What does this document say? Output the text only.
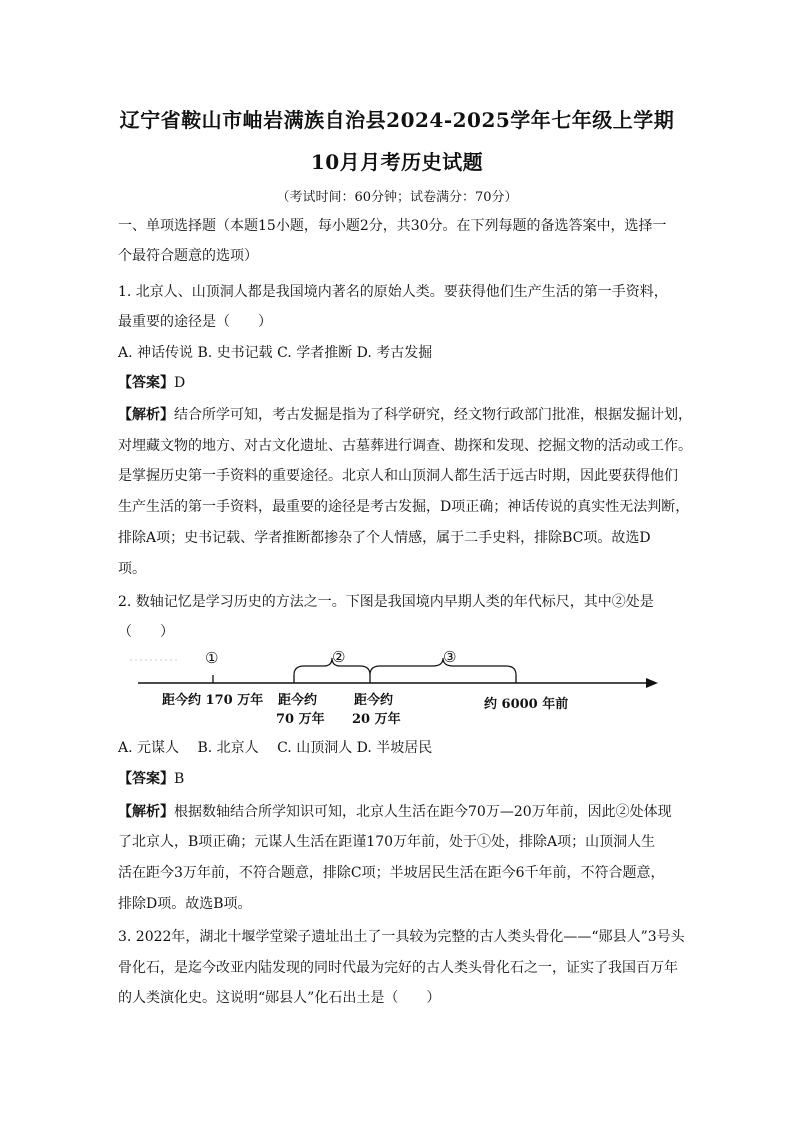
辽宁省鞍山市岫岩满族自治县2024-2025学年七年级上学期
10月月考历史试题
（考试时间：60分钟；试卷满分：70分）
一、单项选择题（本题15小题，每小题2分，共30分。在下列每题的备选答案中，选择一
个最符合题意的选项）
1. 北京人、山顶洞人都是我国境内著名的原始人类。要获得他们生产生活的第一手资料，
最重要的途径是（　　）
A. 神话传说 B. 史书记载 C. 学者推断 D. 考古发掘
【答案】D
【解析】结合所学可知，考古发掘是指为了科学研究，经文物行政部门批准，根据发掘计划，
对埋藏文物的地方、对古文化遗址、古墓葬进行调查、勘探和发现、挖掘文物的活动或工作。
是掌握历史第一手资料的重要途径。北京人和山顶洞人都生活于远古时期，因此要获得他们
生产生活的第一手资料，最重要的途径是考古发掘，D项正确；神话传说的真实性无法判断，
排除A项；史书记载、学者推断都掺杂了个人情感，属于二手史料，排除BC项。故选D
项。
2. 数轴记忆是学习历史的方法之一。下图是我国境内早期人类的年代标尺，其中②处是
（　　）
①	②	③
距今约 170 万年 距今约
70 万年
距今约
20 万年
约 6000 年前
A. 元谋人　 B. 北京人　 C. 山顶洞人 D. 半坡居民
【答案】B
【解析】根据数轴结合所学知识可知，北京人生活在距今70万—20万年前，因此②处体现
了北京人，B项正确；元谋人生活在距谨170万年前，处于①处，排除A项；山顶洞人生
活在距今3万年前，不符合题意，排除C项；半坡居民生活在距今6千年前，不符合题意，
排除D项。故选B项。
3. 2022年，湖北十堰学堂梁子遗址出土了一具较为完整的古人类头骨化——“郧县人”3号头
骨化石，是迄今改亚内陆发现的同时代最为完好的古人类头骨化石之一，证实了我国百万年
的人类演化史。这说明“郧县人”化石出土是（　　）
